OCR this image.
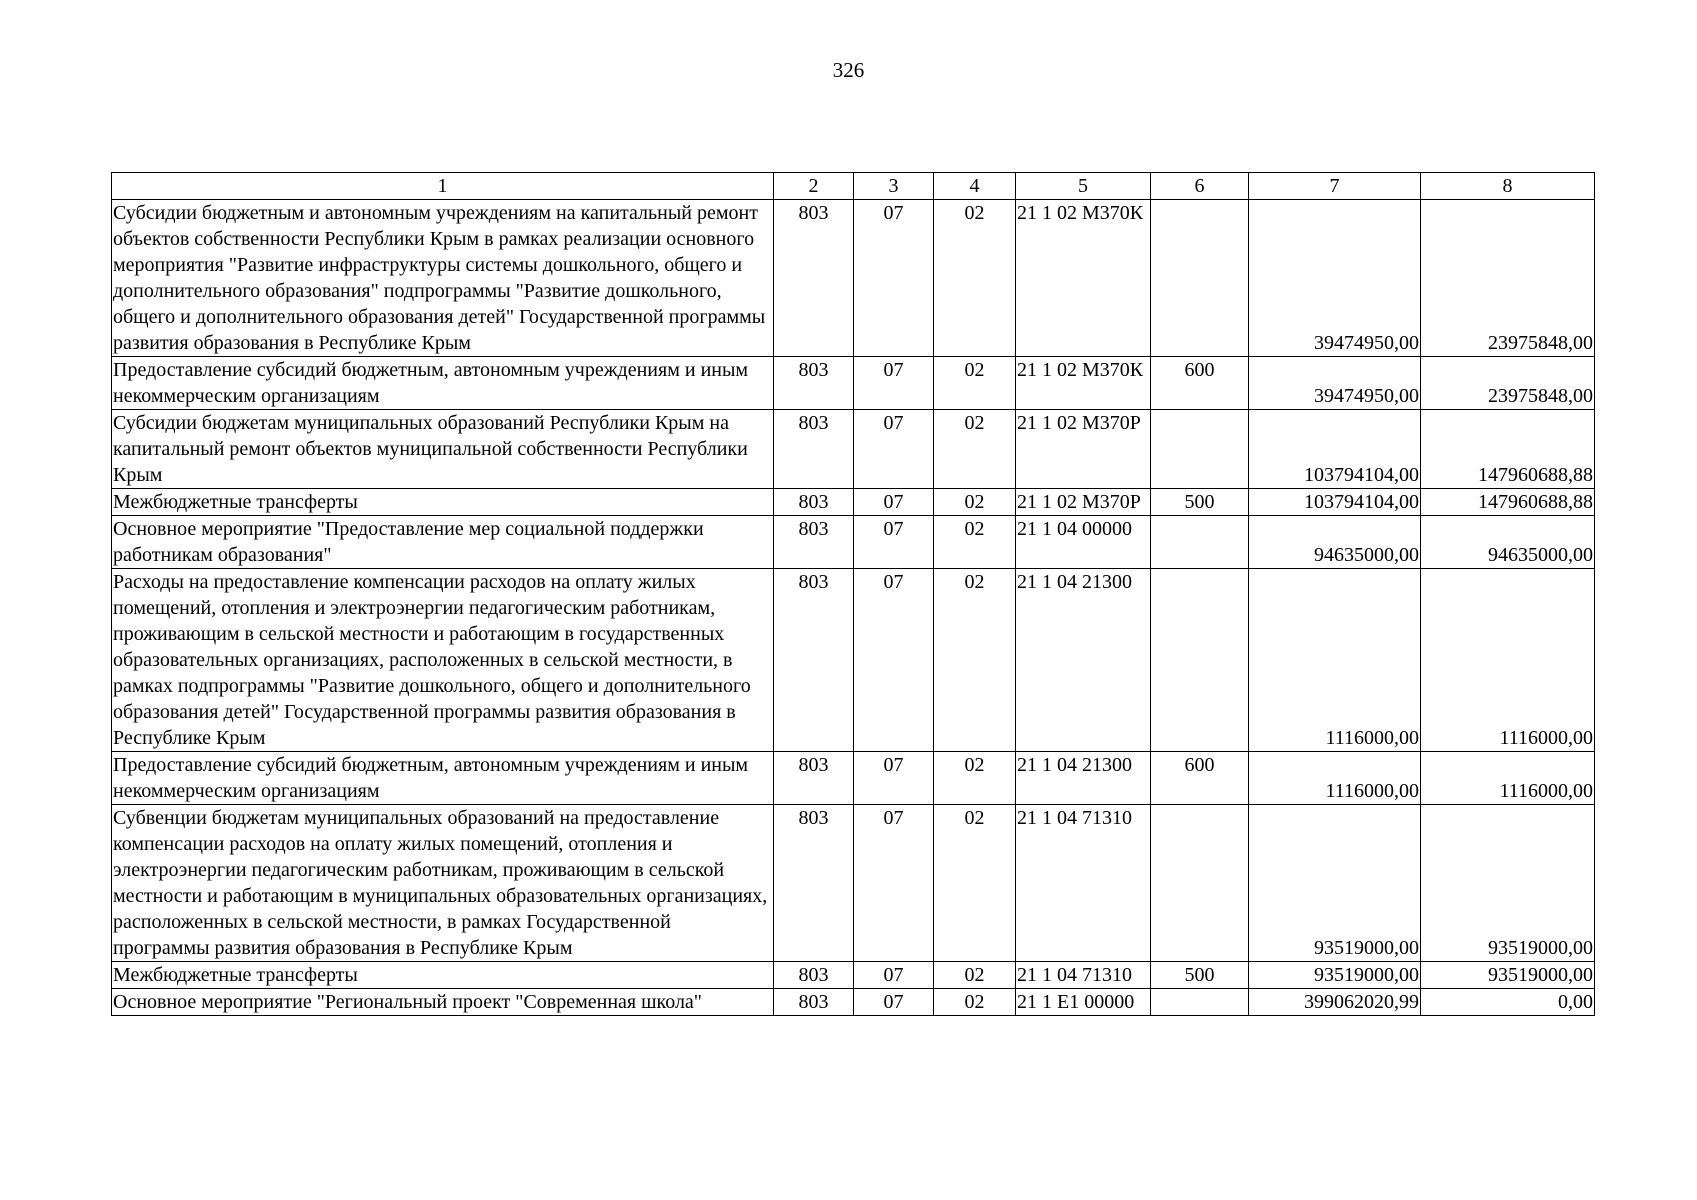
326
1	2	3	4	5	6	7	8
Субсидии бюджетным и автономным учреждениям на капитальный ремонт объектов собственности Республики Крым в рамках реализации основного мероприятия "Развитие инфраструктуры системы дошкольного, общего и дополнительного образования" подпрограммы "Развитие дошкольного, общего и дополнительного образования детей" Государственной программы развития образования в Республике Крым	803	07	02	21 1 02 М370К		39474950,00	23975848,00
Предоставление субсидий бюджетным, автономным учреждениям и иным некоммерческим организациям	803	07	02	21 1 02 М370К	600	39474950,00	23975848,00
Субсидии бюджетам муниципальных образований Республики Крым на капитальный ремонт объектов муниципальной собственности Республики Крым	803	07	02	21 1 02 М370Р		103794104,00	147960688,88
Межбюджетные трансферты	803	07	02	21 1 02 М370Р	500	103794104,00	147960688,88
Основное мероприятие "Предоставление мер социальной поддержки работникам образования"	803	07	02	21 1 04 00000		94635000,00	94635000,00
Расходы на предоставление компенсации расходов на оплату жилых помещений, отопления и электроэнергии педагогическим работникам, проживающим в сельской местности и работающим в государственных образовательных организациях, расположенных в сельской местности, в рамках подпрограммы "Развитие дошкольного, общего и дополнительного образования детей" Государственной программы развития образования в Республике Крым	803	07	02	21 1 04 21300		1116000,00	1116000,00
Предоставление субсидий бюджетным, автономным учреждениям и иным некоммерческим организациям	803	07	02	21 1 04 21300	600	1116000,00	1116000,00
Субвенции бюджетам муниципальных образований на предоставление компенсации расходов на оплату жилых помещений, отопления и электроэнергии педагогическим работникам, проживающим в сельской местности и работающим в муниципальных образовательных организациях, расположенных в сельской местности, в рамках Государственной программы развития образования в Республике Крым	803	07	02	21 1 04 71310		93519000,00	93519000,00
Межбюджетные трансферты	803	07	02	21 1 04 71310	500	93519000,00	93519000,00
Основное мероприятие "Региональный проект "Современная школа"	803	07	02	21 1 E1 00000		399062020,99	0,00
